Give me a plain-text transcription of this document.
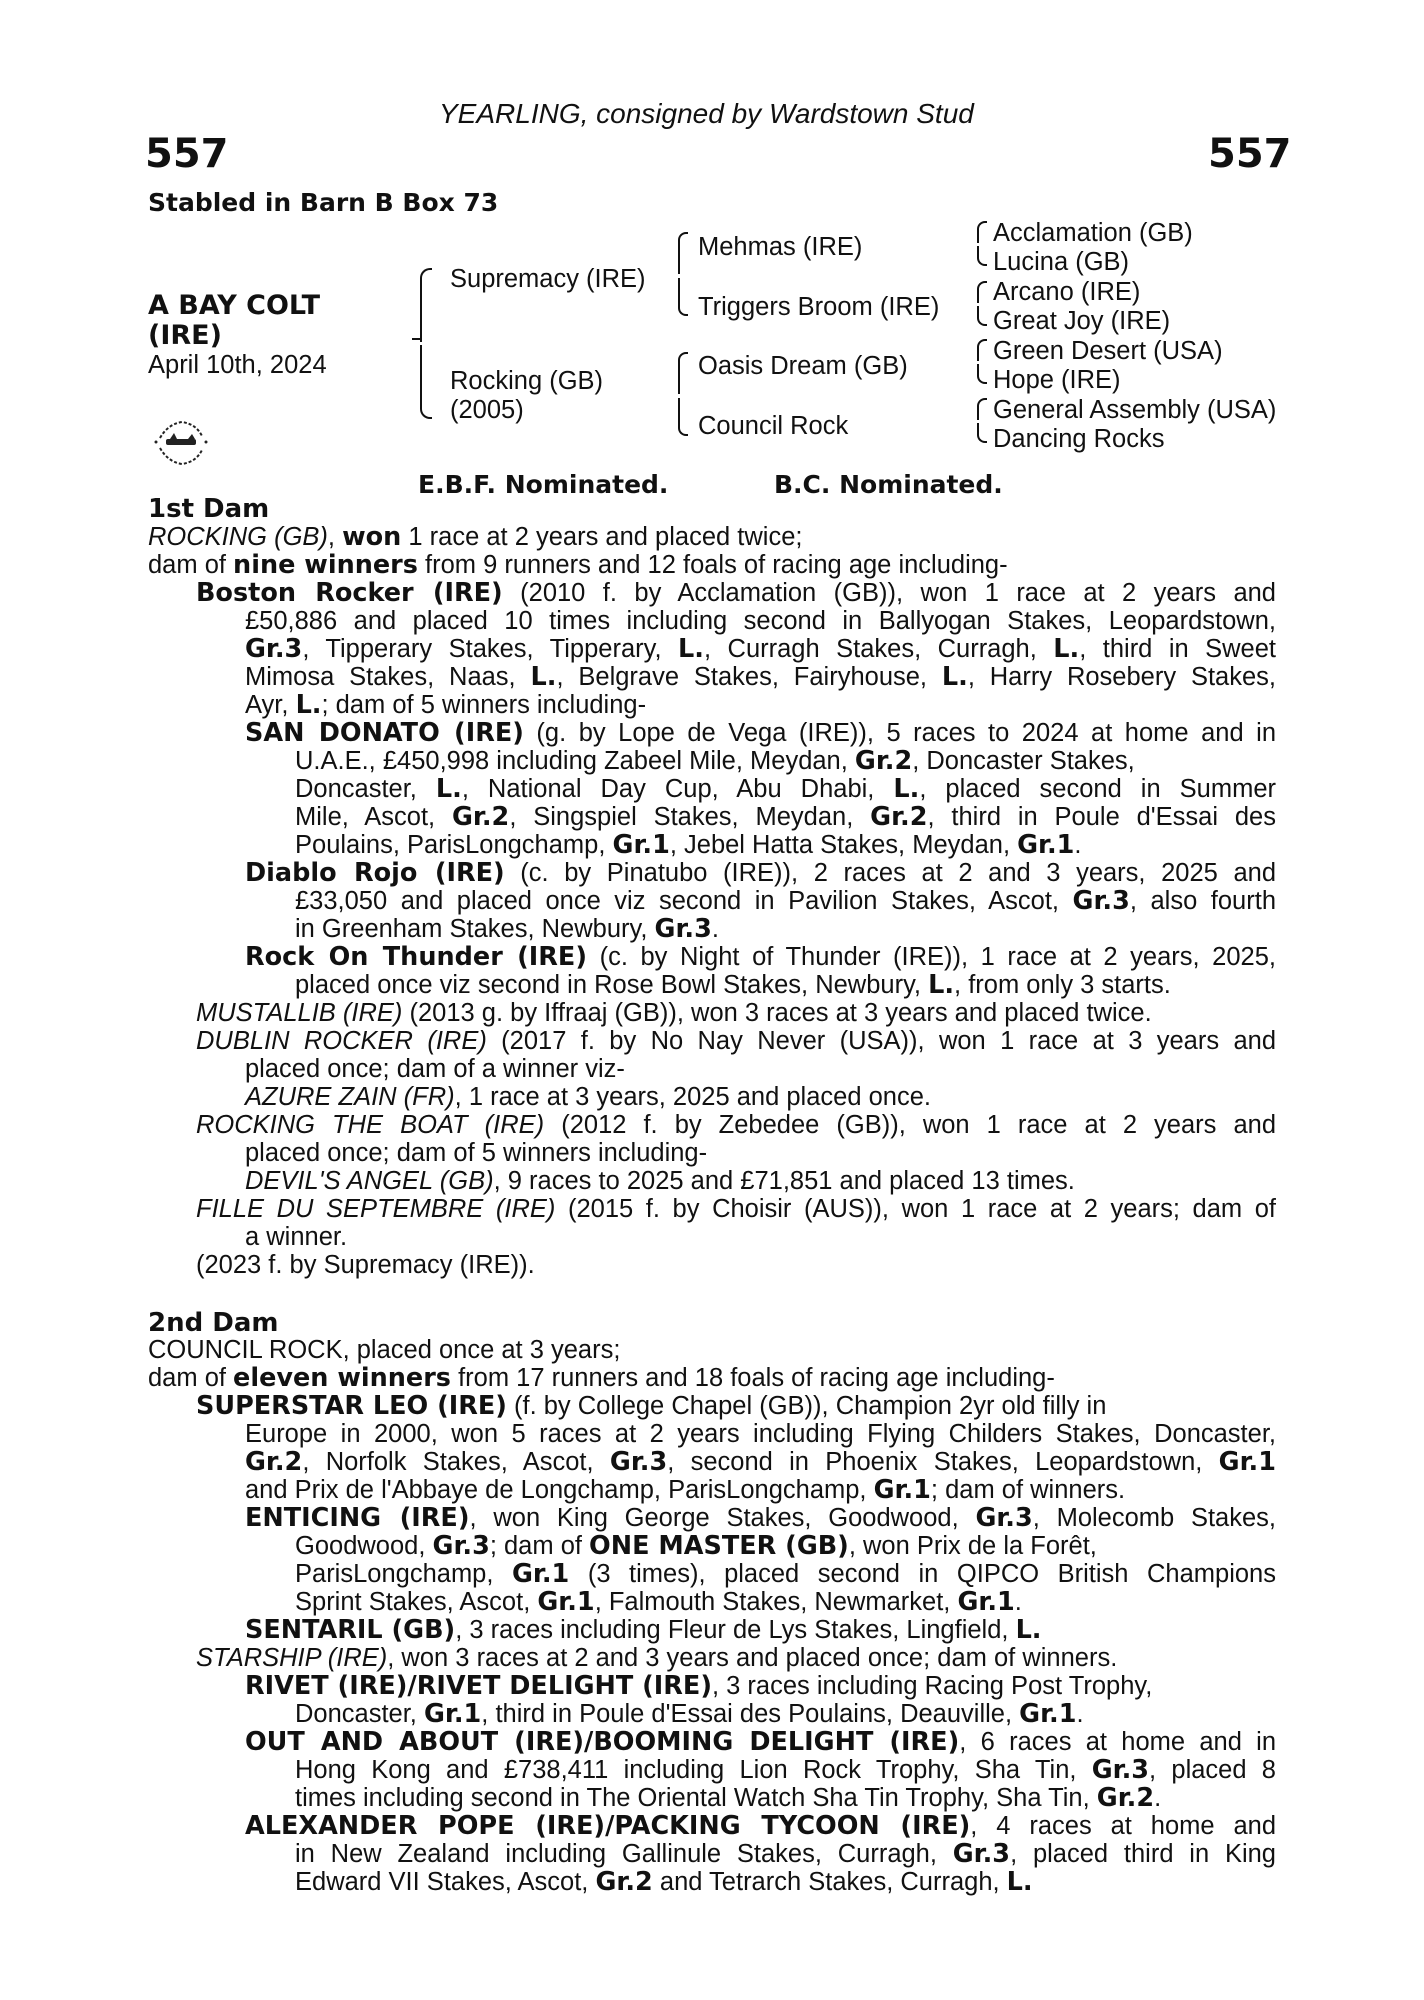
YEARLING, consigned by Wardstown Stud
557	557
Stabled in Barn B Box 73
A BAY COLT
(IRE)
April 10th, 2024
Supremacy (IRE)
Rocking (GB)
(2005)
Mehmas (IRE)
Triggers Broom (IRE)
Oasis Dream (GB)
Council Rock
Acclamation (GB)
Lucina (GB)
Arcano (IRE)
Great Joy (IRE)
Green Desert (USA)
Hope (IRE)
General Assembly (USA)
Dancing Rocks
E.B.F. Nominated.	B.C. Nominated.
1st Dam
ROCKING (GB), won 1 race at 2 years and placed twice;
dam of nine winners from 9 runners and 12 foals of racing age including-
Boston Rocker (IRE) (2010 f. by Acclamation (GB)), won 1 race at 2 years and
£50,886 and placed 10 times including second in Ballyogan Stakes, Leopardstown,
Gr.3, Tipperary Stakes, Tipperary, L., Curragh Stakes, Curragh, L., third in Sweet
Mimosa Stakes, Naas, L., Belgrave Stakes, Fairyhouse, L., Harry Rosebery Stakes,
Ayr, L.; dam of 5 winners including-
SAN DONATO (IRE) (g. by Lope de Vega (IRE)), 5 races to 2024 at home and in
U.A.E., £450,998 including Zabeel Mile, Meydan, Gr.2, Doncaster Stakes,
Doncaster, L., National Day Cup, Abu Dhabi, L., placed second in Summer
Mile, Ascot, Gr.2, Singspiel Stakes, Meydan, Gr.2, third in Poule d'Essai des
Poulains, ParisLongchamp, Gr.1, Jebel Hatta Stakes, Meydan, Gr.1.
Diablo Rojo (IRE) (c. by Pinatubo (IRE)), 2 races at 2 and 3 years, 2025 and
£33,050 and placed once viz second in Pavilion Stakes, Ascot, Gr.3, also fourth
in Greenham Stakes, Newbury, Gr.3.
Rock On Thunder (IRE) (c. by Night of Thunder (IRE)), 1 race at 2 years, 2025,
placed once viz second in Rose Bowl Stakes, Newbury, L., from only 3 starts.
MUSTALLIB (IRE) (2013 g. by Iffraaj (GB)), won 3 races at 3 years and placed twice.
DUBLIN ROCKER (IRE) (2017 f. by No Nay Never (USA)), won 1 race at 3 years and
placed once; dam of a winner viz-
AZURE ZAIN (FR), 1 race at 3 years, 2025 and placed once.
ROCKING THE BOAT (IRE) (2012 f. by Zebedee (GB)), won 1 race at 2 years and
placed once; dam of 5 winners including-
DEVIL'S ANGEL (GB), 9 races to 2025 and £71,851 and placed 13 times.
FILLE DU SEPTEMBRE (IRE) (2015 f. by Choisir (AUS)), won 1 race at 2 years; dam of
a winner.
(2023 f. by Supremacy (IRE)).
2nd Dam
COUNCIL ROCK, placed once at 3 years;
dam of eleven winners from 17 runners and 18 foals of racing age including-
SUPERSTAR LEO (IRE) (f. by College Chapel (GB)), Champion 2yr old filly in
Europe in 2000, won 5 races at 2 years including Flying Childers Stakes, Doncaster,
Gr.2, Norfolk Stakes, Ascot, Gr.3, second in Phoenix Stakes, Leopardstown, Gr.1
and Prix de l'Abbaye de Longchamp, ParisLongchamp, Gr.1; dam of winners.
ENTICING (IRE), won King George Stakes, Goodwood, Gr.3, Molecomb Stakes,
Goodwood, Gr.3; dam of ONE MASTER (GB), won Prix de la Forêt,
ParisLongchamp, Gr.1 (3 times), placed second in QIPCO British Champions
Sprint Stakes, Ascot, Gr.1, Falmouth Stakes, Newmarket, Gr.1.
SENTARIL (GB), 3 races including Fleur de Lys Stakes, Lingfield, L.
STARSHIP (IRE), won 3 races at 2 and 3 years and placed once; dam of winners.
RIVET (IRE)/RIVET DELIGHT (IRE), 3 races including Racing Post Trophy,
Doncaster, Gr.1, third in Poule d'Essai des Poulains, Deauville, Gr.1.
OUT AND ABOUT (IRE)/BOOMING DELIGHT (IRE), 6 races at home and in
Hong Kong and £738,411 including Lion Rock Trophy, Sha Tin, Gr.3, placed 8
times including second in The Oriental Watch Sha Tin Trophy, Sha Tin, Gr.2.
ALEXANDER POPE (IRE)/PACKING TYCOON (IRE), 4 races at home and
in New Zealand including Gallinule Stakes, Curragh, Gr.3, placed third in King
Edward VII Stakes, Ascot, Gr.2 and Tetrarch Stakes, Curragh, L.
